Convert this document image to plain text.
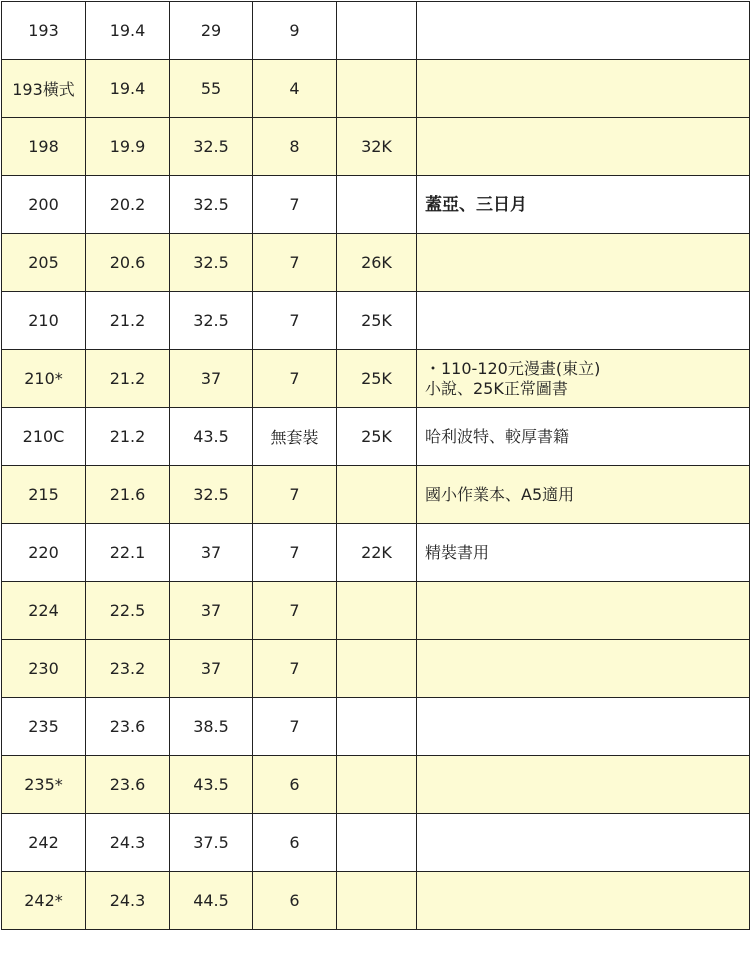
193	19.4	29	9		
193橫式	19.4	55	4		
198	19.9	32.5	8	32K	
200	20.2	32.5	7		蓋亞、三日月
205	20.6	32.5	7	26K	
210	21.2	32.5	7	25K	
210*	21.2	37	7	25K	・110-120元漫畫(東立)
小說、25K正常圖書
210C	21.2	43.5	無套裝	25K	哈利波特、較厚書籍
215	21.6	32.5	7		國小作業本、A5適用
220	22.1	37	7	22K	精裝書用
224	22.5	37	7		
230	23.2	37	7		
235	23.6	38.5	7		
235*	23.6	43.5	6		
242	24.3	37.5	6		
242*	24.3	44.5	6		
